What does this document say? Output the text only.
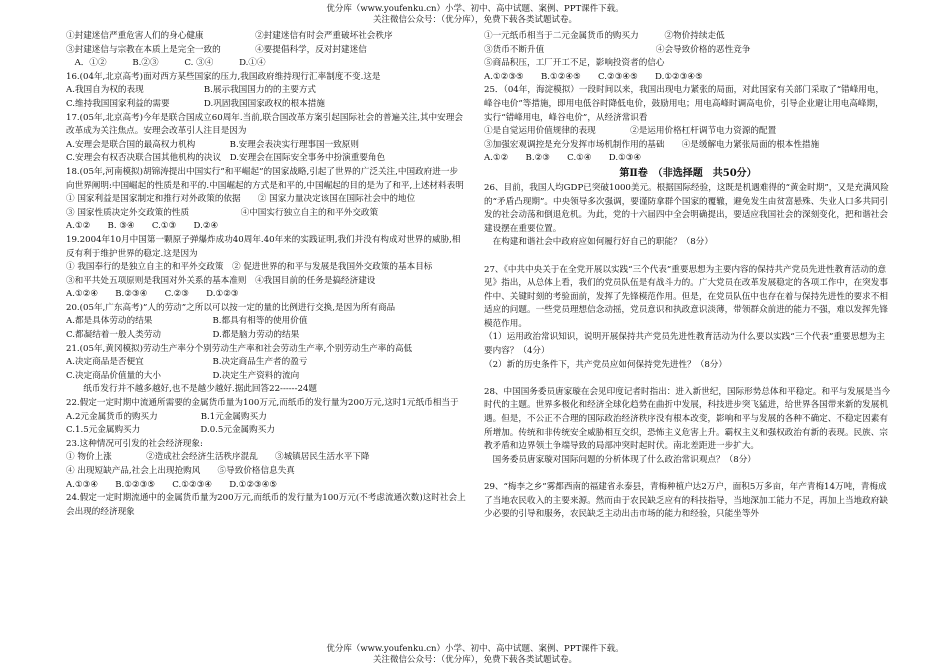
优分库（www.youfenku.cn）小学、初中、高中试题、案例、PPT课件下载。
关注微信公众号：（优分库），免费下载各类试题试卷。
①封建迷信严重危害人们的身心健康　　　　　　②封建迷信有时会严重破坏社会秩序
③封建迷信与宗教在本质上是完全一致的　　　　④要提倡科学，反对封建迷信
　A．①②　　　B.②③　　　C. ③④　　　D.①④
16.(04年,北京高考)面对西方某些国家的压力,我国政府维持现行汇率制度不变.这是
A.我国自为权的表现　　　　　　　B.展示我国国力的的主要方式
C.维持我国国家利益的需要　　　　D.巩固我国国家政权的根本措施
17.(05年,北京高考)今年是联合国成立60周年.当前,联合国改革方案引起国际社会的普遍关注,其中安理会改革成为关注焦点。安理会改革引人注目是因为
A.安理会是联合国的最高权力机构　　　　B.安理会表决实行理事国一致原则
C.安理会有权否决联合国其他机构的决议　D.安理会在国际安全事务中扮演重要角色
18.(05年,河南模拟)胡锦涛提出中国实行”和平崛起”的国家战略,引起了世界的广泛关注,中国政府进一步向世界阐明:中国崛起的性质是和平的.中国崛起的方式是和平的,中国崛起的目的是为了和平,上述材料表明
① 国家利益是国家制定和推行对外政策的依据　　② 国家力量决定该国在国际社会中的地位
③ 国家性质决定外交政策的性质　　　　　　④中国实行独立自主的和平外交政策
A.①②　　B. ③④　　C.①③　　D.②④
19.2004年10月中国第一颗原子弹爆炸成功40周年.40年来的实践证明,我们并没有构成对世界的威胁,相反有利于维护世界的稳定.这是因为
① 我国奉行的是独立自主的和平外交政策　② 促进世界的和平与发展是我国外交政策的基本目标
③和平共处五项原则是我国对外关系的基本准则　④我国目前的任务是搞经济建设
A.①②④　　B.②③④　　C.②③　　D.①②③
20.(05年,广东高考)”人的劳动”之所以可以按一定的量的比例进行交换,是因为所有商品
A.都是具体劳动的结果　　　　　　　B.都具有相等的使用价值
C.都凝结着一般人类劳动　　　　　　D.都是脑力劳动的结果
21.(05年,黄冈模拟)劳动生产率分个别劳动生产率和社会劳动生产率,个别劳动生产率的高低
A.决定商品是否便宜　　　　　　　　B.决定商品生产者的盈亏
C.决定商品价值量的大小　　　　　　D.决定生产资料的流向
　　纸币发行并不越多越好,也不是越少越好.据此回答22------24题
22.假定一定时期中流通所需要的金属货币量为100万元,而纸币的发行量为200万元,这时1元纸币相当于
A.2元金属货币的购买力　　　　　B.1元金属购买力
C.1.5元金属购买力　　　　　　　D.0.5元金属购买力
23.这种情况可引发的社会经济现象:
① 物价上涨　　　　②造成社会经济生活秩序混乱　　③城镇居民生活水平下降
④ 出现短缺产品,社会上出现抢购风　　⑤导致价格信息失真
A.①③④　　B.①②③⑤　　C.①②③④　　D.①②③④⑤
24.假定一定时期流通中的金属货币量为200万元,而纸币的发行量为100万元(不考虑流通次数)这时社会上会出现的经济现象
①一元纸币相当于二元金属货币的购买力　　　②物价持续走低
③货币不断升值　　　　　　　　　　　　　④会导致价格的恶性竞争
⑤商品积压，工厂开工不足，影响投资者的信心
A.①②③⑤　　B.①②④⑤　　C.②③④⑤　　D.①②③④⑤
25．（04年，海淀模拟）一段时间以来，我国出现电力紧张的局面，对此国家有关部门采取了“错峰用电，峰谷电价”等措施，即用电低谷时降低电价，鼓励用电；用电高峰时调高电价，引导企业避让用电高峰期，实行“错峰用电，峰谷电价”，从经济常识看
①是自觉运用价值规律的表现　　　　②是运用价格杠杆调节电力资源的配置
③加强宏观调控是充分发挥市场机制作用的基础　　④是缓解电力紧张局面的根本性措施
A.①②　　B.②③　　C.①④　　D.①③④
第Ⅱ卷　（非选择题　共50分）
26、目前，我国人均GDP已突破1000美元。根据国际经验，这既是机遇难得的“黄金时期”，又是充满风险的“矛盾凸现期”。中央领导多次强调，要谨防拿群个国家的覆辙，避免发生由贫富悬殊、失业人口多共同引发的社会动荡和倒退危机。为此，党的十六届四中全会明确提出，要适应我国社会的深刻变化，把和谐社会建设摆在重要位置。
　在构建和谐社会中政府应如何履行好自己的职能？（8分）
27、《中共中央关于在全党开展以实践“三个代表”重要思想为主要内容的保持共产党员先进性教育活动的意见》指出，从总体上看，我们的党员队伍是有战斗力的。广大党员在改革发展稳定的各项工作中，在突发事件中、关键时刻的考验面前，发挥了先锋模范作用。但是，在党员队伍中也存在着与保持先进性的要求不相适应的问题。一些党员理想信念动摇，党员意识和执政意识淡薄，带领群众前进的能力不强，难以发挥先锋模范作用。
（1）运用政治常识知识，说明开展保持共产党员先进性教育活动为什么要以实践“三个代表”重要思想为主要内容？（4分）
（2）新的历史条件下，共产党员应如何保持党先进性？（8分）
28、中国国务委员唐家璇在会见印度记者时指出：进入新世纪，国际形势总体和平稳定。和平与发展是当今时代的主题。世界多极化和经济全球化趋势在曲折中发展，科技进步突飞猛进，给世界各国带来新的发展机遇。但是，不公正不合理的国际政治经济秩序没有根本改变，影响和平与发展的各种不确定、不稳定因素有所增加。传统和非传统安全威胁相互交织，恐怖主义危害上升。霸权主义和强权政治有新的表现。民族、宗教矛盾和边界领土争端导致的局部冲突时起时伏。南北差距进一步扩大。
　国务委员唐家璇对国际问题的分析体现了什么政治常识观点？（8分）
29、“梅李之乡”雾都西南的福建省永泰县，青梅种植户达2万户，面积5万多亩，年产青梅14万吨，青梅成了当地农民收入的主要来源。然而由于农民缺乏应有的科技指导，当地深加工能力不足，再加上当地政府缺少必要的引导和服务，农民缺乏主动出击市场的能力和经验，只能坐等外
优分库（www.youfenku.cn）小学、初中、高中试题、案例、PPT课件下载。
关注微信公众号：（优分库），免费下载各类试题试卷。
